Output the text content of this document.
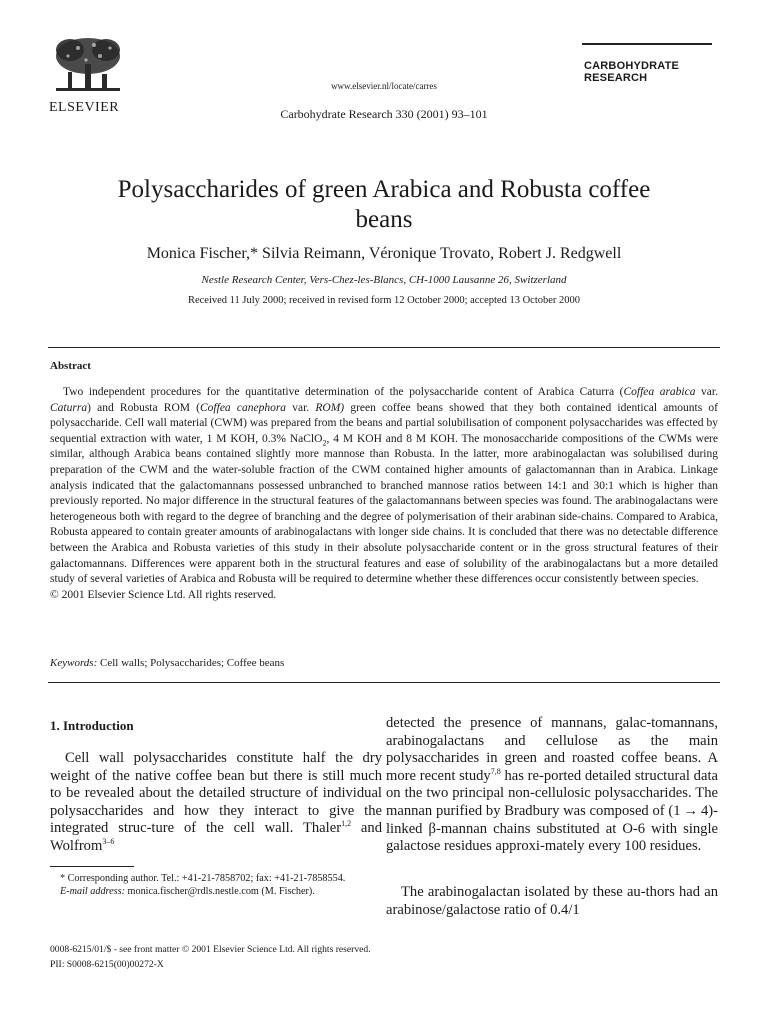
ELSEVIER
www.elsevier.nl/locate/carres
Carbohydrate Research 330 (2001) 93–101
CARBOHYDRATE
RESEARCH
Polysaccharides of green Arabica and Robusta coffee
beans
Monica Fischer,* Silvia Reimann, Véronique Trovato, Robert J. Redgwell
Nestle Research Center, Vers-Chez-les-Blancs, CH-1000 Lausanne 26, Switzerland
Received 11 July 2000; received in revised form 12 October 2000; accepted 13 October 2000
Abstract

Two independent procedures for the quantitative determination of the polysaccharide content of Arabica Caturra (Coffea arabica var. Caturra) and Robusta ROM (Coffea canephora var. ROM) green coffee beans showed that they both contained identical amounts of polysaccharide. Cell wall material (CWM) was prepared from the beans and partial solubilisation of component polysaccharides was effected by sequential extraction with water, 1 M KOH, 0.3% NaClO$_2$, 4 M KOH and 8 M KOH. The monosaccharide compositions of the CWMs were similar, although Arabica beans contained slightly more mannose than Robusta. In the latter, more arabinogalactan was solubilised during preparation of the CWM and the water-soluble fraction of the CWM contained higher amounts of galactomannan than in Arabica. Linkage analysis indicated that the galactomannans possessed unbranched to branched mannose ratios between 14:1 and 30:1 which is higher than previously reported. No major difference in the structural features of the galactomannans between species was found. The arabinogalactans were heterogeneous both with regard to the degree of branching and the degree of polymerisation of their arabinan side-chains. Compared to Arabica, Robusta appeared to contain greater amounts of arabinogalactans with longer side chains. It is concluded that there was no detectable difference between the Arabica and Robusta varieties of this study in their absolute polysaccharide content or in the gross structural features of their galactomannans. Differences were apparent both in the structural features and ease of solubility of the arabinogalactans but a more detailed study of several varieties of Arabica and Robusta will be required to determine whether these differences occur consistently between species.
© 2001 Elsevier Science Ltd. All rights reserved.

Keywords: Cell walls; Polysaccharides; Coffee beans
1. Introduction

Cell wall polysaccharides constitute half the dry weight of the native coffee bean but there is still much to be revealed about the detailed structure of individual polysaccharides and how they interact to give the integrated struc-ture of the cell wall. Thaler$^{1,2}$ and Wolfrom$^{3-6}$

* Corresponding author. Tel.: +41-21-7858702; fax: +41-21-7858554.

E-mail address: monica.fischer@rdls.nestle.com (M. Fischer).

detected the presence of mannans, galac-tomannans, arabinogalactans and cellulose as the main polysaccharides in green and roasted coffee beans. A more recent study$^{7,8}$ has re-ported detailed structural data on the two principal non-cellulosic polysaccharides. The mannan purified by Bradbury was composed of (1 → 4)-linked β-mannan chains substituted at O-6 with single galactose residues approxi-mately every 100 residues.

The arabinogalactan isolated by these au-thors had an arabinose/galactose ratio of 0.4/1

0008-6215/01/$ - see front matter © 2001 Elsevier Science Ltd. All rights reserved.
PII: S0008-6215(00)00272-X
